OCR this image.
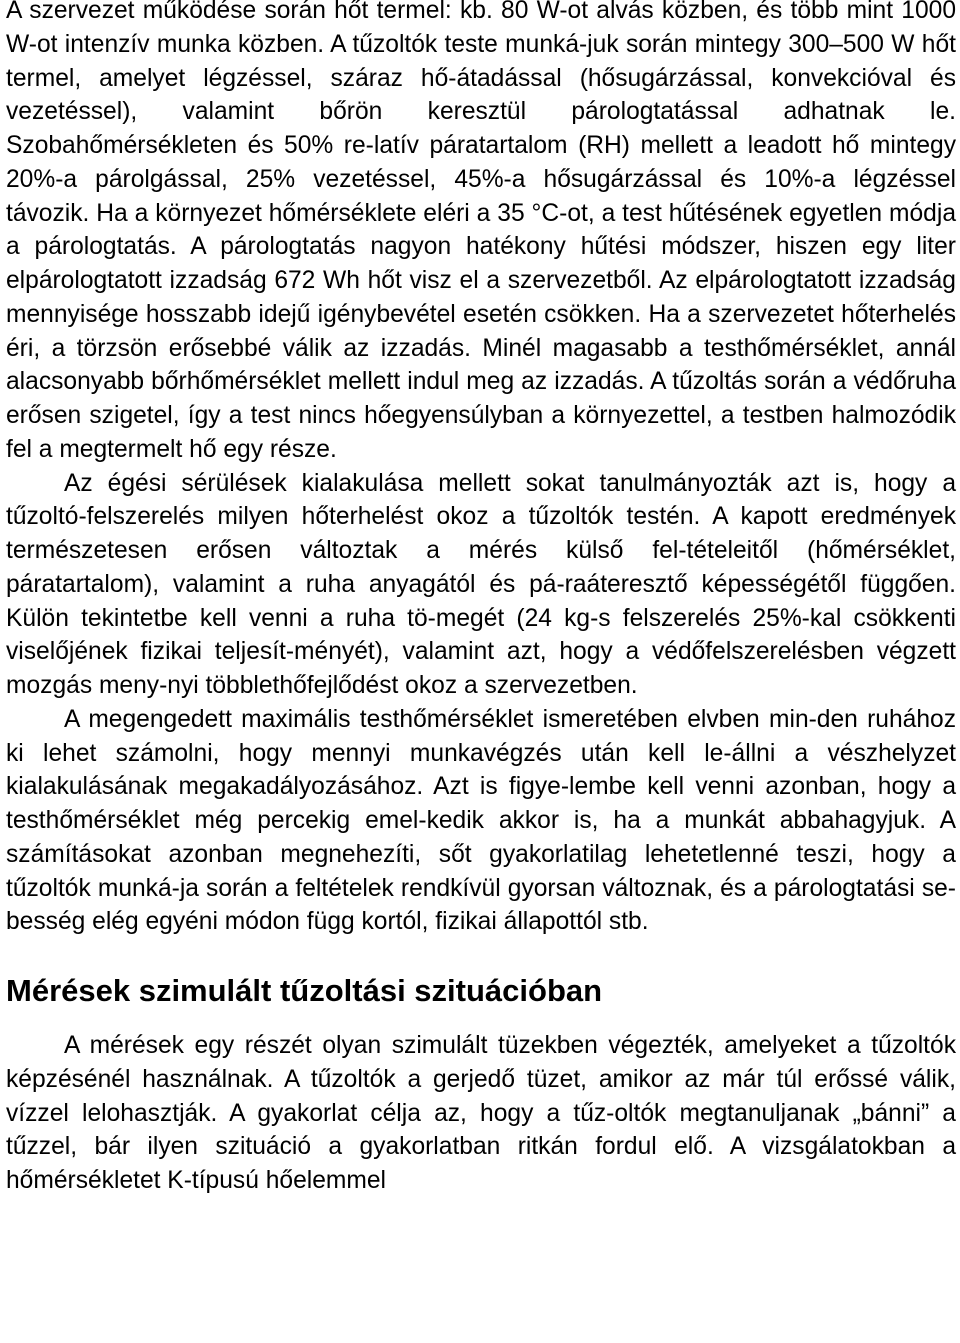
A szervezet működése során hőt termel: kb. 80 W-ot alvás közben, és több mint 1000 W-ot intenzív munka közben. A tűzoltók teste munká-juk során mintegy 300–500 W hőt termel, amelyet légzéssel, száraz hő-átadással (hősugárzással, konvekcióval és vezetéssel), valamint bőrön keresztül párologtatással adhatnak le. Szobahőmérsékleten és 50% re-latív páratartalom (RH) mellett a leadott hő mintegy 20%-a párolgással, 25% vezetéssel, 45%-a hősugárzással és 10%-a légzéssel távozik. Ha a környezet hőmérséklete eléri a 35 °C-ot, a test hűtésének egyetlen módja a párologtatás. A párologtatás nagyon hatékony hűtési módszer, hiszen egy liter elpárologtatott izzadság 672 Wh hőt visz el a szervezetből. Az elpárologtatott izzadság mennyisége hosszabb idejű igénybevétel esetén csökken. Ha a szervezetet hőterhelés éri, a törzsön erősebbé válik az izzadás. Minél magasabb a testhőmérséklet, annál alacsonyabb bőrhőmérséklet mellett indul meg az izzadás. A tűzoltás során a védőruha erősen szigetel, így a test nincs hőegyensúlyban a környezettel, a testben halmozódik fel a megtermelt hő egy része.

Az égési sérülések kialakulása mellett sokat tanulmányozták azt is, hogy a tűzoltó-felszerelés milyen hőterhelést okoz a tűzoltók testén. A kapott eredmények természetesen erősen változtak a mérés külső fel-tételeitől (hőmérséklet, páratartalom), valamint a ruha anyagától és pá-raáteresztő képességétől függően. Külön tekintetbe kell venni a ruha tö-megét (24 kg-s felszerelés 25%-kal csökkenti viselőjének fizikai teljesít-ményét), valamint azt, hogy a védőfelszerelésben végzett mozgás meny-nyi többlethőfejlődést okoz a szervezetben.

A megengedett maximális testhőmérséklet ismeretében elvben min-den ruhához ki lehet számolni, hogy mennyi munkavégzés után kell le-állni a vészhelyzet kialakulásának megakadályozásához. Azt is figye-lembe kell venni azonban, hogy a testhőmérséklet még percekig emel-kedik akkor is, ha a munkát abbahagyjuk. A számításokat azonban megnehezíti, sőt gyakorlatilag lehetetlenné teszi, hogy a tűzoltók munká-ja során a feltételek rendkívül gyorsan változnak, és a párologtatási se-besség elég egyéni módon függ kortól, fizikai állapottól stb.

Mérések szimulált tűzoltási szituációban

A mérések egy részét olyan szimulált tüzekben végezték, amelyeket a tűzoltók képzésénél használnak. A tűzoltók a gerjedő tüzet, amikor az már túl erőssé válik, vízzel lelohasztják. A gyakorlat célja az, hogy a tűz-oltók megtanuljanak „bánni” a tűzzel, bár ilyen szituáció a gyakorlatban ritkán fordul elő. A vizsgálatokban a hőmérsékletet K-típusú hőelemmel
